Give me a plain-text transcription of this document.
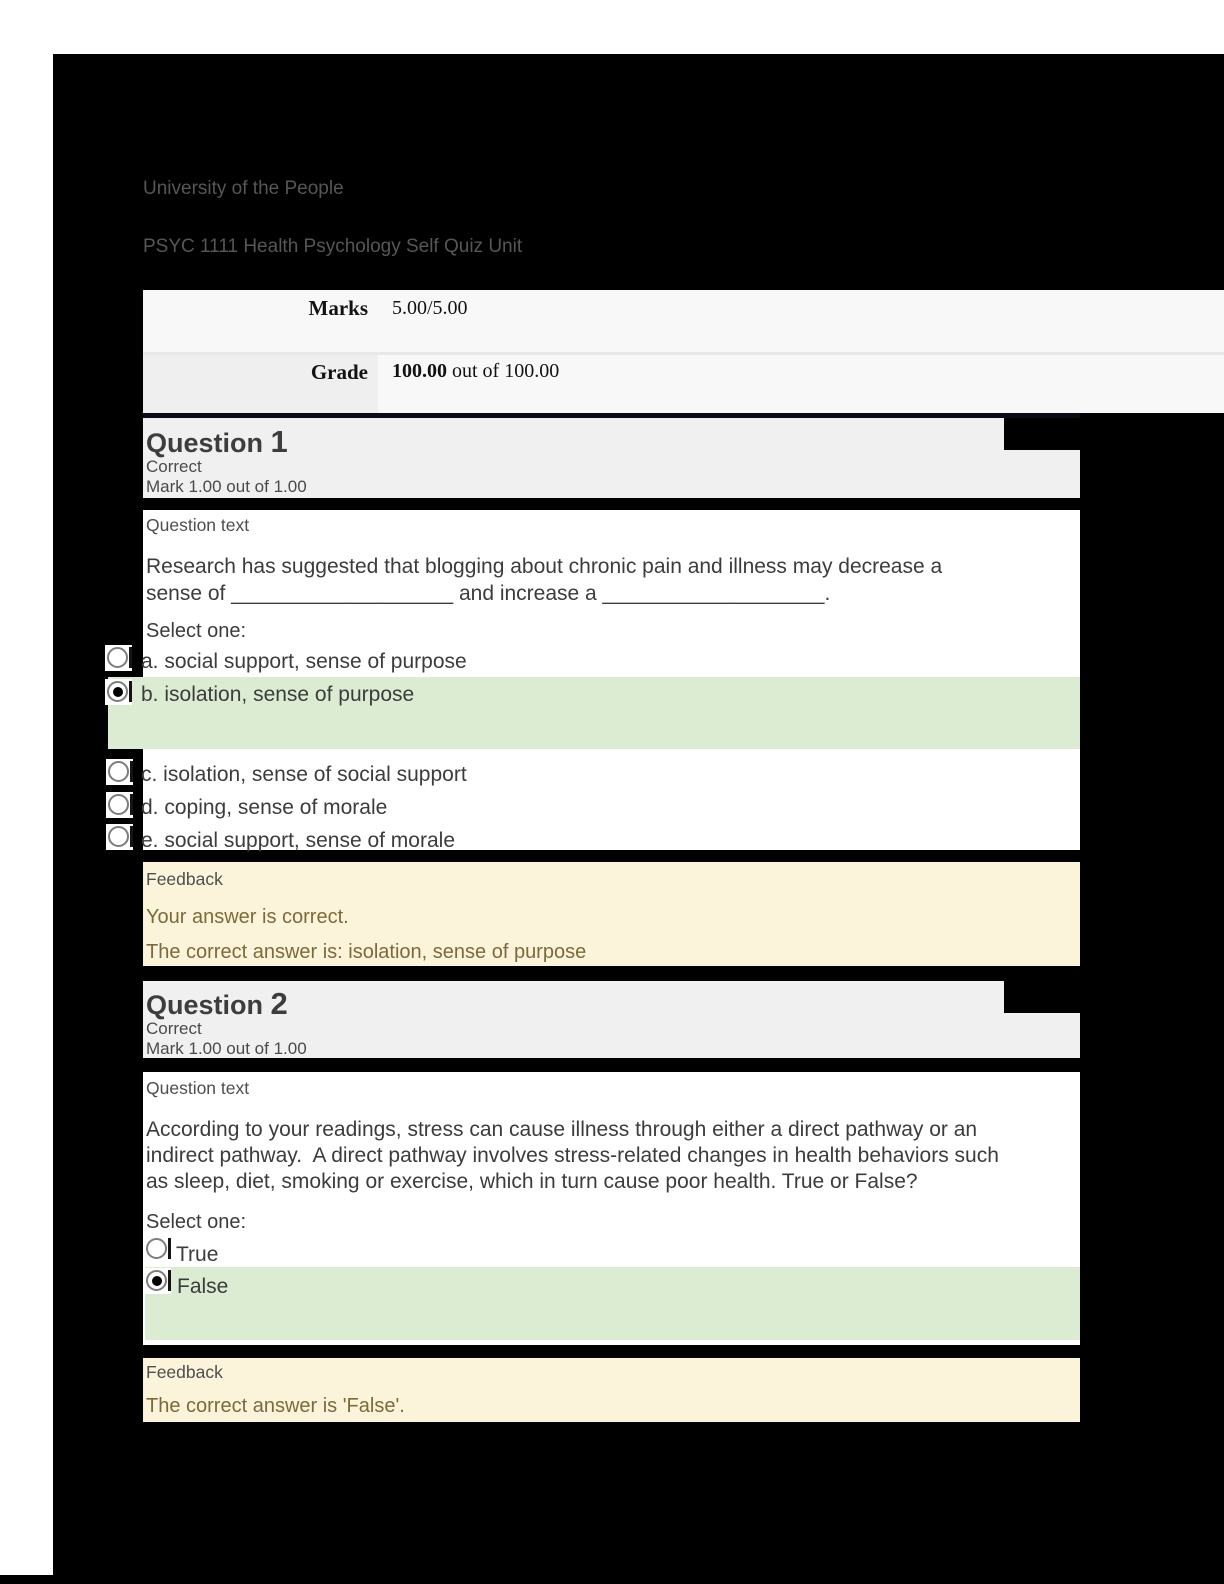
University of the People
PSYC 1111 Health Psychology Self Quiz Unit
Marks 5.00/5.00
Grade 100.00 out of 100.00
Question 1
Correct
Mark 1.00 out of 1.00
Question text
Research has suggested that blogging about chronic pain and illness may decrease a
sense of ___________________ and increase a ___________________.
Select one:
a. social support, sense of purpose
b. isolation, sense of purpose
c. isolation, sense of social support
d. coping, sense of morale
e. social support, sense of morale
Feedback
Your answer is correct.
The correct answer is: isolation, sense of purpose
Question 2
Correct
Mark 1.00 out of 1.00
Question text
According to your readings, stress can cause illness through either a direct pathway or an
indirect pathway.  A direct pathway involves stress-related changes in health behaviors such
as sleep, diet, smoking or exercise, which in turn cause poor health. True or False?
Select one:
True
False
Feedback
The correct answer is 'False'.
